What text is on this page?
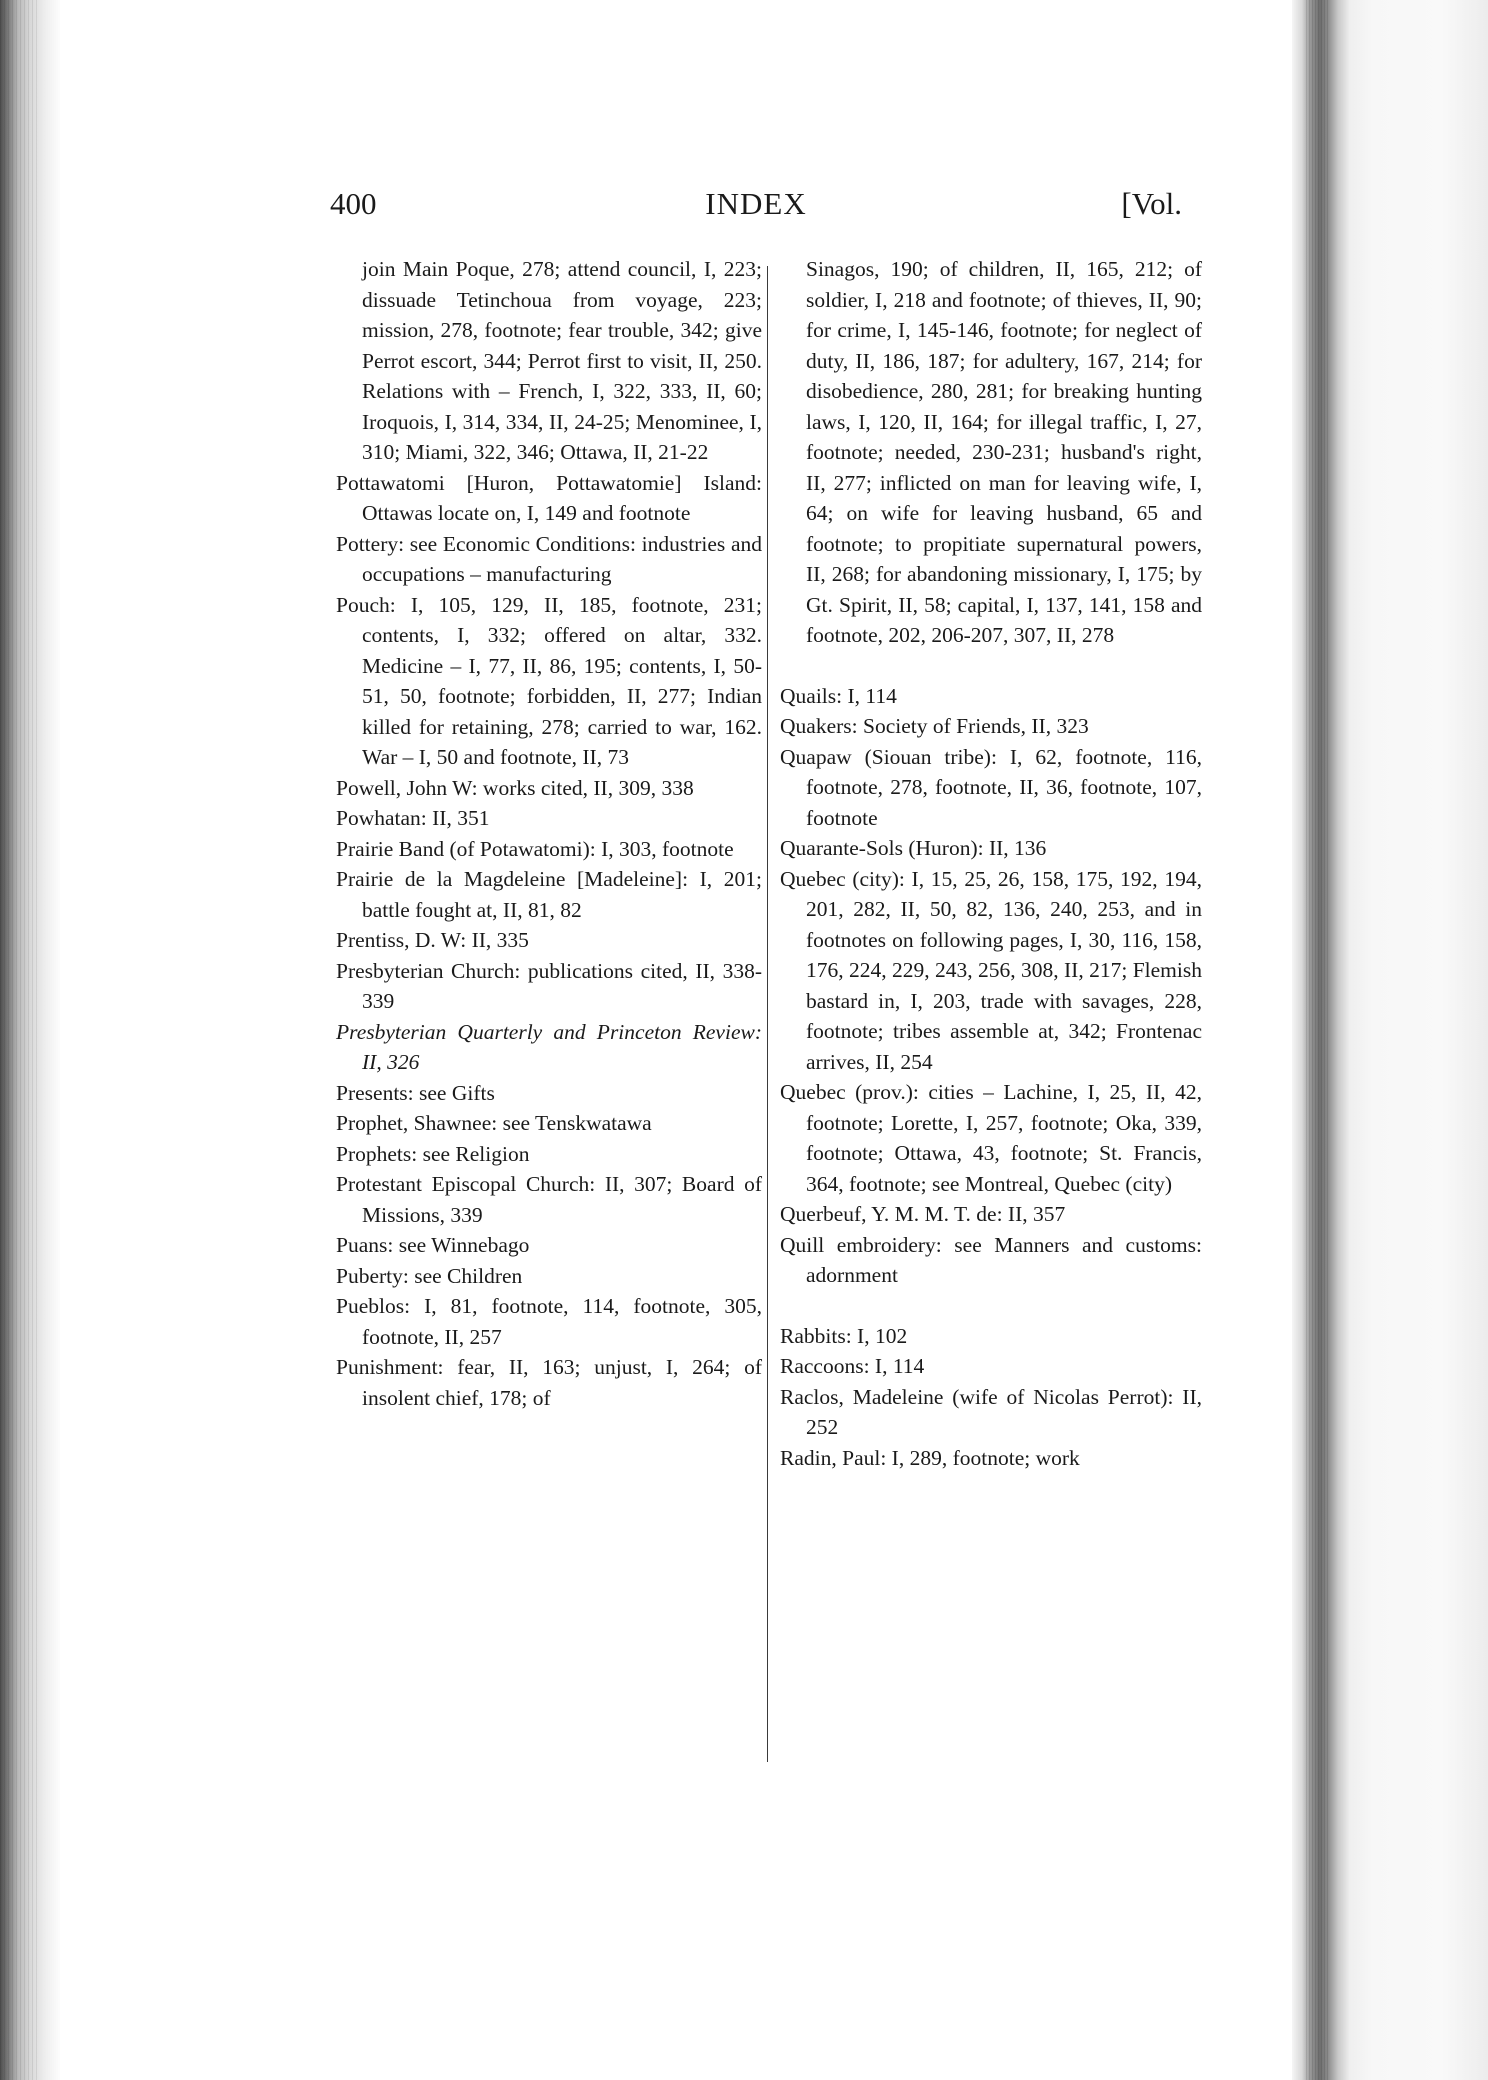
400	INDEX	[Vol.

join Main Poque, 278; attend council, I, 223; dissuade Tetinchoua from voyage, 223; mission, 278, footnote; fear trouble, 342; give Perrot escort, 344; Perrot first to visit, II, 250. Relations with – French, I, 322, 333, II, 60; Iroquois, I, 314, 334, II, 24-25; Menominee, I, 310; Miami, 322, 346; Ottawa, II, 21-22

Pottawatomi [Huron, Pottawatomie] Island: Ottawas locate on, I, 149 and footnote

Pottery: see Economic Conditions: industries and occupations – manufacturing

Pouch: I, 105, 129, II, 185, footnote, 231; contents, I, 332; offered on altar, 332. Medicine – I, 77, II, 86, 195; contents, I, 50-51, 50, footnote; forbidden, II, 277; Indian killed for retaining, 278; carried to war, 162. War – I, 50 and footnote, II, 73

Powell, John W: works cited, II, 309, 338

Powhatan: II, 351

Prairie Band (of Potawatomi): I, 303, footnote

Prairie de la Magdeleine [Madeleine]: I, 201; battle fought at, II, 81, 82

Prentiss, D. W: II, 335

Presbyterian Church: publications cited, II, 338-339

Presbyterian Quarterly and Princeton Review: II, 326

Presents: see Gifts

Prophet, Shawnee: see Tenskwatawa

Prophets: see Religion

Protestant Episcopal Church: II, 307; Board of Missions, 339

Puans: see Winnebago

Puberty: see Children

Pueblos: I, 81, footnote, 114, footnote, 305, footnote, II, 257

Punishment: fear, II, 163; unjust, I, 264; of insolent chief, 178; of

Sinagos, 190; of children, II, 165, 212; of soldier, I, 218 and footnote; of thieves, II, 90; for crime, I, 145-146, footnote; for neglect of duty, II, 186, 187; for adultery, 167, 214; for disobedience, 280, 281; for breaking hunting laws, I, 120, II, 164; for illegal traffic, I, 27, footnote; needed, 230-231; husband's right, II, 277; inflicted on man for leaving wife, I, 64; on wife for leaving husband, 65 and footnote; to propitiate supernatural powers, II, 268; for abandoning missionary, I, 175; by Gt. Spirit, II, 58; capital, I, 137, 141, 158 and footnote, 202, 206-207, 307, II, 278

Quails: I, 114

Quakers: Society of Friends, II, 323

Quapaw (Siouan tribe): I, 62, footnote, 116, footnote, 278, footnote, II, 36, footnote, 107, footnote

Quarante-Sols (Huron): II, 136

Quebec (city): I, 15, 25, 26, 158, 175, 192, 194, 201, 282, II, 50, 82, 136, 240, 253, and in footnotes on following pages, I, 30, 116, 158, 176, 224, 229, 243, 256, 308, II, 217; Flemish bastard in, I, 203, trade with savages, 228, footnote; tribes assemble at, 342; Frontenac arrives, II, 254

Quebec (prov.): cities – Lachine, I, 25, II, 42, footnote; Lorette, I, 257, footnote; Oka, 339, footnote; Ottawa, 43, footnote; St. Francis, 364, footnote; see Montreal, Quebec (city)

Querbeuf, Y. M. M. T. de: II, 357

Quill embroidery: see Manners and customs: adornment

Rabbits: I, 102

Raccoons: I, 114

Raclos, Madeleine (wife of Nicolas Perrot): II, 252

Radin, Paul: I, 289, footnote; work
